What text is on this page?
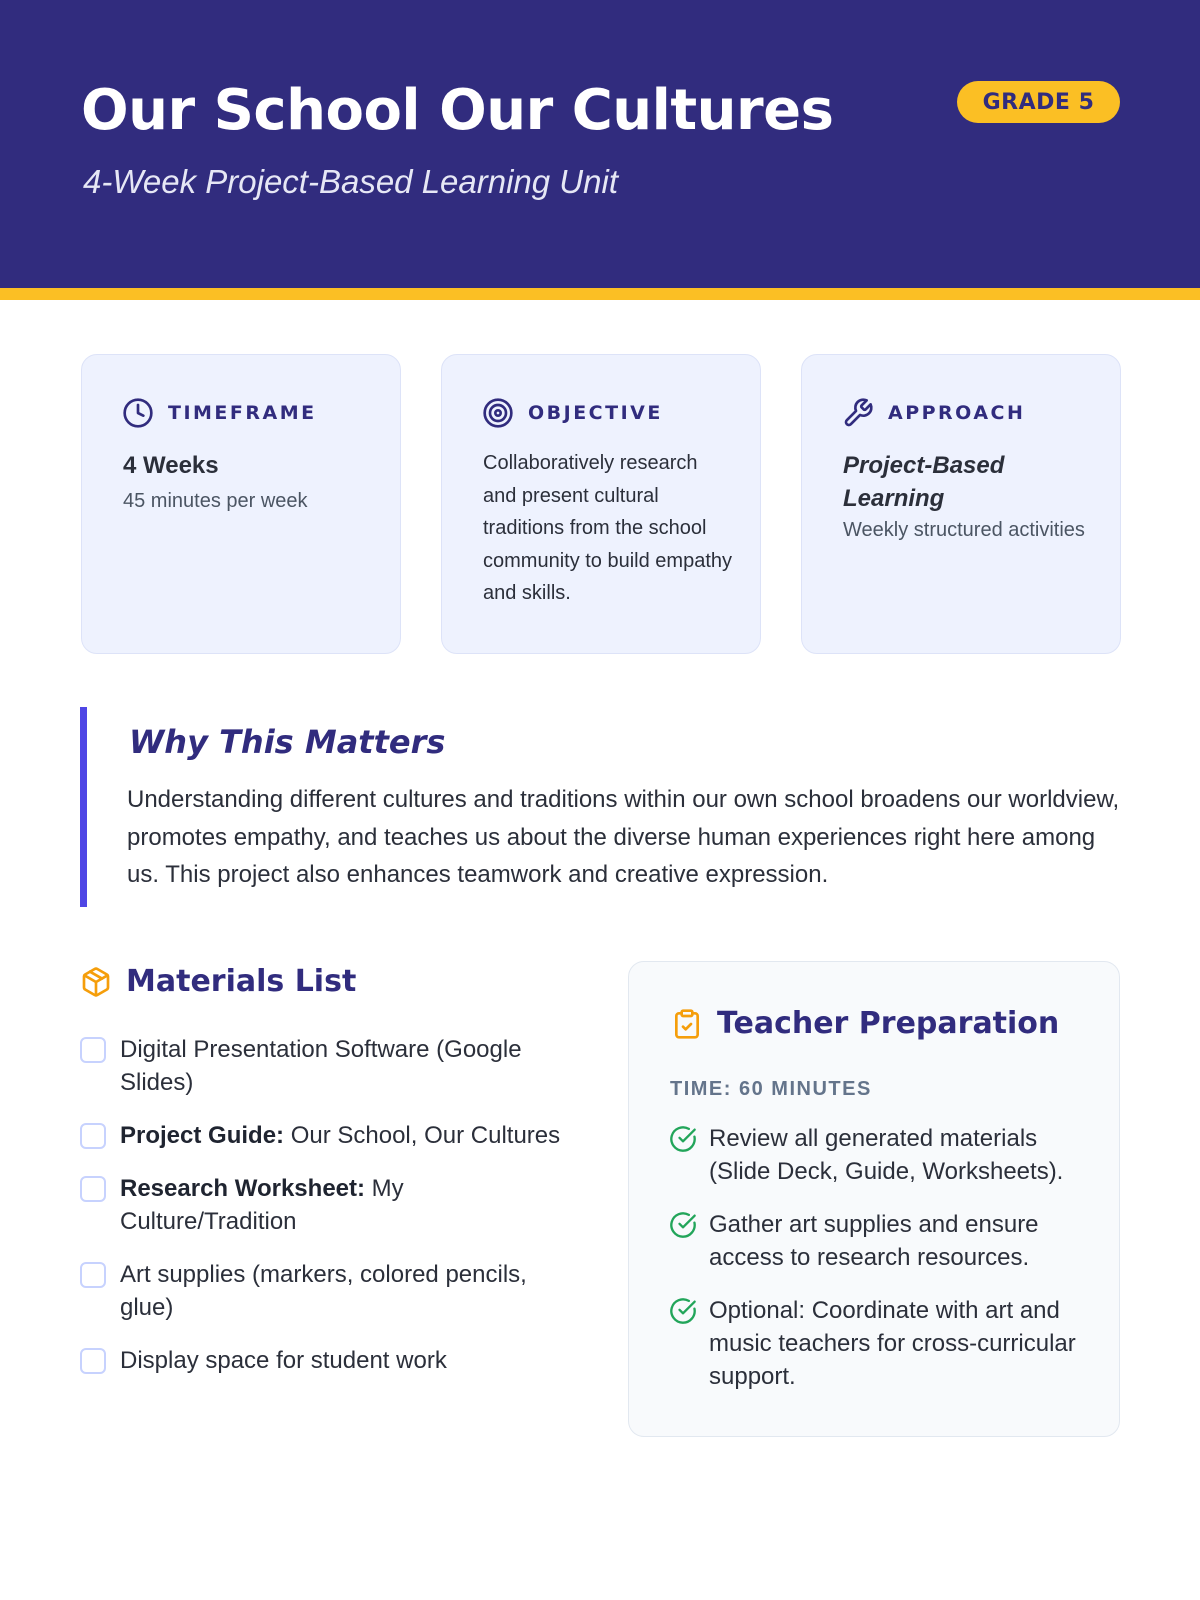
Our School Our Cultures
4-Week Project-Based Learning Unit
GRADE 5
TIMEFRAME
4 Weeks
45 minutes per week
OBJECTIVE
Collaboratively research and present cultural traditions from the school community to build empathy and skills.
APPROACH
Project-Based Learning
Weekly structured activities
Why This Matters

Understanding different cultures and traditions within our own school broadens our worldview, promotes empathy, and teaches us about the diverse human experiences right here among us. This project also enhances teamwork and creative expression.

Materials List
Digital Presentation Software (Google Slides)
Project Guide: Our School, Our Cultures
Research Worksheet: My Culture/Tradition
Art supplies (markers, colored pencils, glue)
Display space for student work
Teacher Preparation
TIME: 60 MINUTES
Review all generated materials (Slide Deck, Guide, Worksheets).
Gather art supplies and ensure access to research resources.
Optional: Coordinate with art and music teachers for cross-curricular support.
